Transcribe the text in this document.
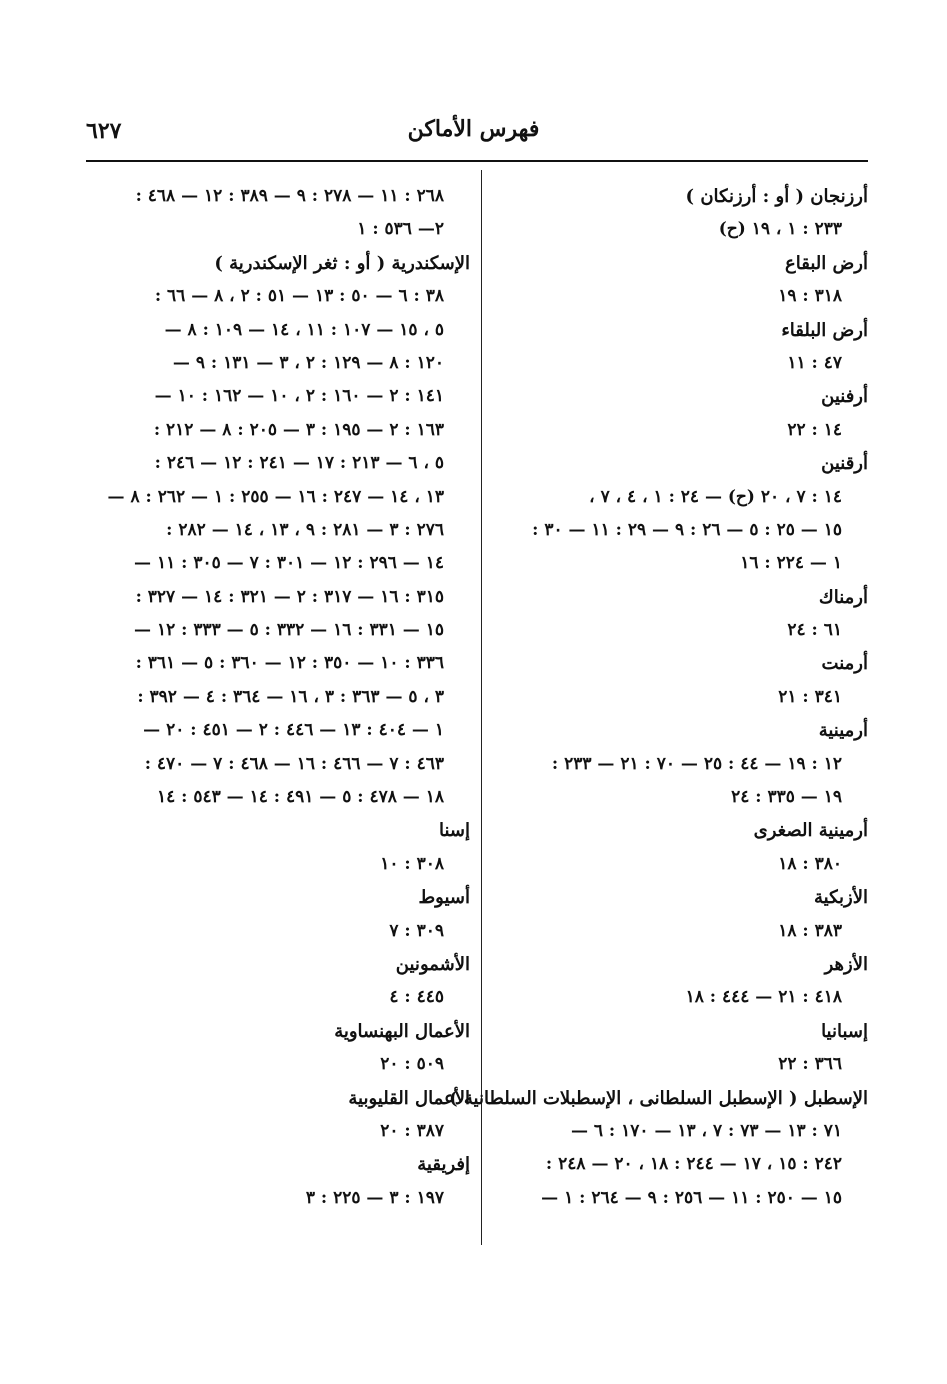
٦٢٧	فهرس الأماكن
أرزنجان ( أو : أرزنكان )
٢٣٣ : ١ ، ١٩ (ح)
أرض البقاع
٣١٨ : ١٩
أرض البلقاء
٤٧ : ١١
أرفنين
١٤ : ٢٢
أرقنين
١٤ : ٧ ، ٢٠ (ح) — ٢٤ : ١ ، ٤ ، ٧ ،
١٥ — ٢٥ : ٥ — ٢٦ : ٩ — ٢٩ : ١١ — ٣٠ :
١ — ٢٢٤ : ١٦
أرمناك
٦١ : ٢٤
أرمنت
٣٤١ : ٢١
أرمينية
١٢ : ١٩ — ٤٤ : ٢٥ — ٧٠ : ٢١ — ٢٣٣ :
١٩ — ٣٣٥ : ٢٤
أرمينية الصغرى
٣٨٠ : ١٨
الأزبكية
٣٨٣ : ١٨
الأزهر
٤١٨ : ٢١ — ٤٤٤ : ١٨
إسبانيا
٣٦٦ : ٢٢
الإسطبل ( الإسطبل السلطانى ، الإسطبلات السلطانية )
٧١ : ١٣ — ٧٣ : ٧ ، ١٣ — ١٧٠ : ٦ —
٢٤٢ : ١٥ ، ١٧ — ٢٤٤ : ١٨ ، ٢٠ — ٢٤٨ :
١٥ — ٢٥٠ : ١١ — ٢٥٦ : ٩ — ٢٦٤ : ١ —
٢٦٨ : ١١ — ٢٧٨ : ٩ — ٣٨٩ : ١٢ — ٤٦٨ :
٢— ٥٣٦ : ١
الإسكندرية ( أو : ثغر الإسكندرية )
٣٨ : ٦ — ٥٠ : ١٣ — ٥١ : ٢ ، ٨ — ٦٦ :
٥ ، ١٥ — ١٠٧ : ١١ ، ١٤ — ١٠٩ : ٨ —
١٢٠ : ٨ — ١٢٩ : ٢ ، ٣ — ١٣١ : ٩ —
١٤١ : ٢ — ١٦٠ : ٢ ، ١٠ — ١٦٢ : ١٠ —
١٦٣ : ٢ — ١٩٥ : ٣ — ٢٠٥ : ٨ — ٢١٢ :
٥ ، ٦ — ٢١٣ : ١٧ — ٢٤١ : ١٢ — ٢٤٦ :
١٣ ، ١٤ — ٢٤٧ : ١٦ — ٢٥٥ : ١ — ٢٦٢ : ٨ —
٢٧٦ : ٣ — ٢٨١ : ٩ ، ١٣ ، ١٤ — ٢٨٢ :
١٤ — ٢٩٦ : ١٢ — ٣٠١ : ٧ — ٣٠٥ : ١١ —
٣١٥ : ١٦ — ٣١٧ : ٢ — ٣٢١ : ١٤ — ٣٢٧ :
١٥ — ٣٣١ : ١٦ — ٣٣٢ : ٥ — ٣٣٣ : ١٢ —
٣٣٦ : ١٠ — ٣٥٠ : ١٢ — ٣٦٠ : ٥ — ٣٦١ :
٣ ، ٥ — ٣٦٣ : ٣ ، ١٦ — ٣٦٤ : ٤ — ٣٩٢ :
١ — ٤٠٤ : ١٣ — ٤٤٦ : ٢ — ٤٥١ : ٢٠ —
٤٦٣ : ٧ — ٤٦٦ : ١٦ — ٤٦٨ : ٧ — ٤٧٠ :
١٨ — ٤٧٨ : ٥ — ٤٩١ : ١٤ — ٥٤٣ : ١٤
إسنا
٣٠٨ : ١٠
أسيوط
٣٠٩ : ٧
الأشمونين
٤٤٥ : ٤
الأعمال البهنساوية
٥٠٩ : ٢٠
الأعمال القليوبية
٣٨٧ : ٢٠
إفريقية
١٩٧ : ٣ — ٢٢٥ : ٣
